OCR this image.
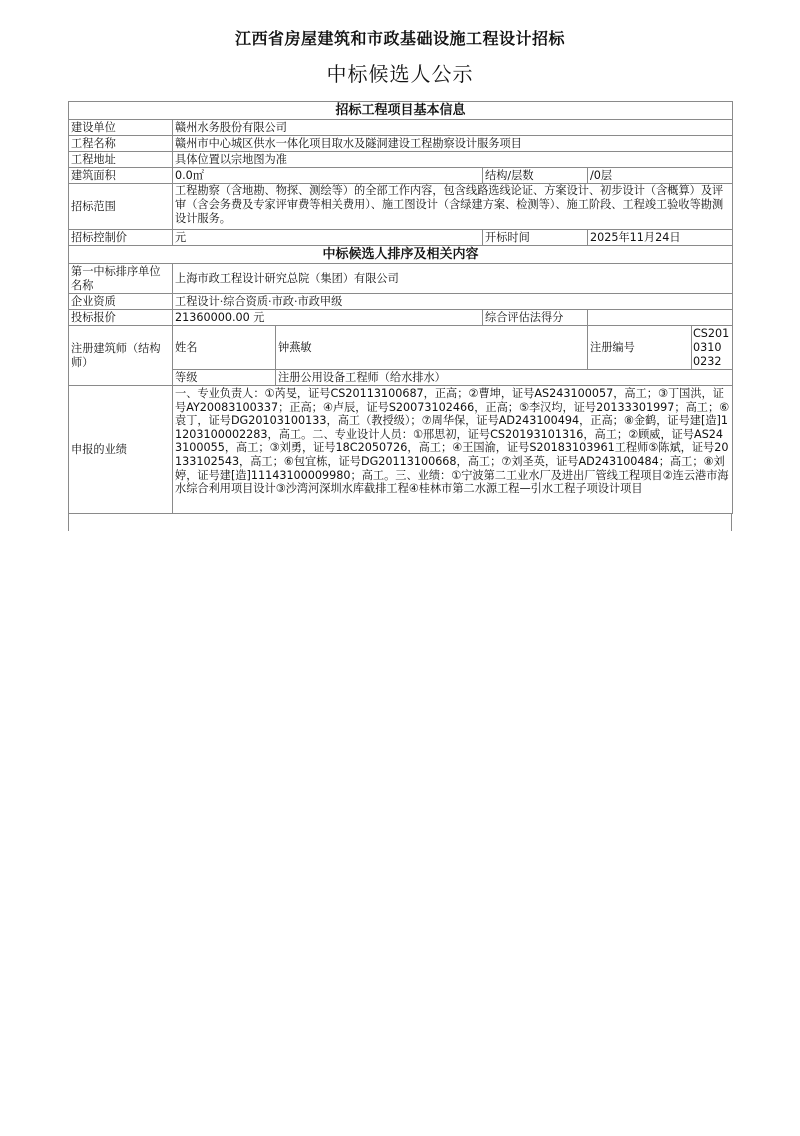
江西省房屋建筑和市政基础设施工程设计招标
中标候选人公示
招标工程项目基本信息					
建设单位	赣州水务股份有限公司				
工程名称	赣州市中心城区供水一体化项目取水及隧洞建设工程勘察设计服务项目				
工程地址	具体位置以宗地图为准				
建筑面积	0.0㎡		结构/层数	/0层	
招标范围	工程勘察（含地勘、物探、测绘等）的全部工作内容，包含线路选线论证、方案设计、初步设计（含概算）及评审（含会务费及专家评审费等相关费用）、施工图设计（含绿建方案、检测等）、施工阶段、工程竣工验收等勘测设计服务。				
招标控制价	元		开标时间	2025年11月24日	
中标候选人排序及相关内容					
第一中标排序单位名称	上海市政工程设计研究总院（集团）有限公司				
企业资质	工程设计·综合资质·市政·市政甲级				
投标报价	21360000.00 元		综合评估法得分		
注册建筑师（结构师）	姓名	钟燕敏		注册编号	CS2010310 0232
	等级	注册公用设备工程师（给水排水）			
申报的业绩	一、专业负责人：①芮旻，证号CS20113100687，正高；②曹坤，证号AS243100057，高工；③丁国洪，证号AY20083100337；正高；④卢辰，证号S20073102466，正高；⑤李汉均，证号20133301997；高工；⑥袁丁，证号DG20103100133，高工（教授级）；⑦周华保，证号AD243100494，正高；⑧金鹤，证号建[造]11203100002283，高工。二、专业设计人员：①邢思初，证号CS20193101316，高工；②顾威，证号AS243100055，高工；③刘勇，证号18C2050726，高工；④王国渝，证号S20183103961工程师⑤陈斌，证号20133102543，高工；⑥包宜栋，证号DG20113100668，高工；⑦刘圣英，证号AD243100484；高工；⑧刘婷，证号建[造]11143100009980；高工。三、业绩：①宁波第二工业水厂及进出厂管线工程项目②连云港市海水综合利用项目设计③沙湾河深圳水库截排工程④桂林市第二水源工程—引水工程子项设计项目				
